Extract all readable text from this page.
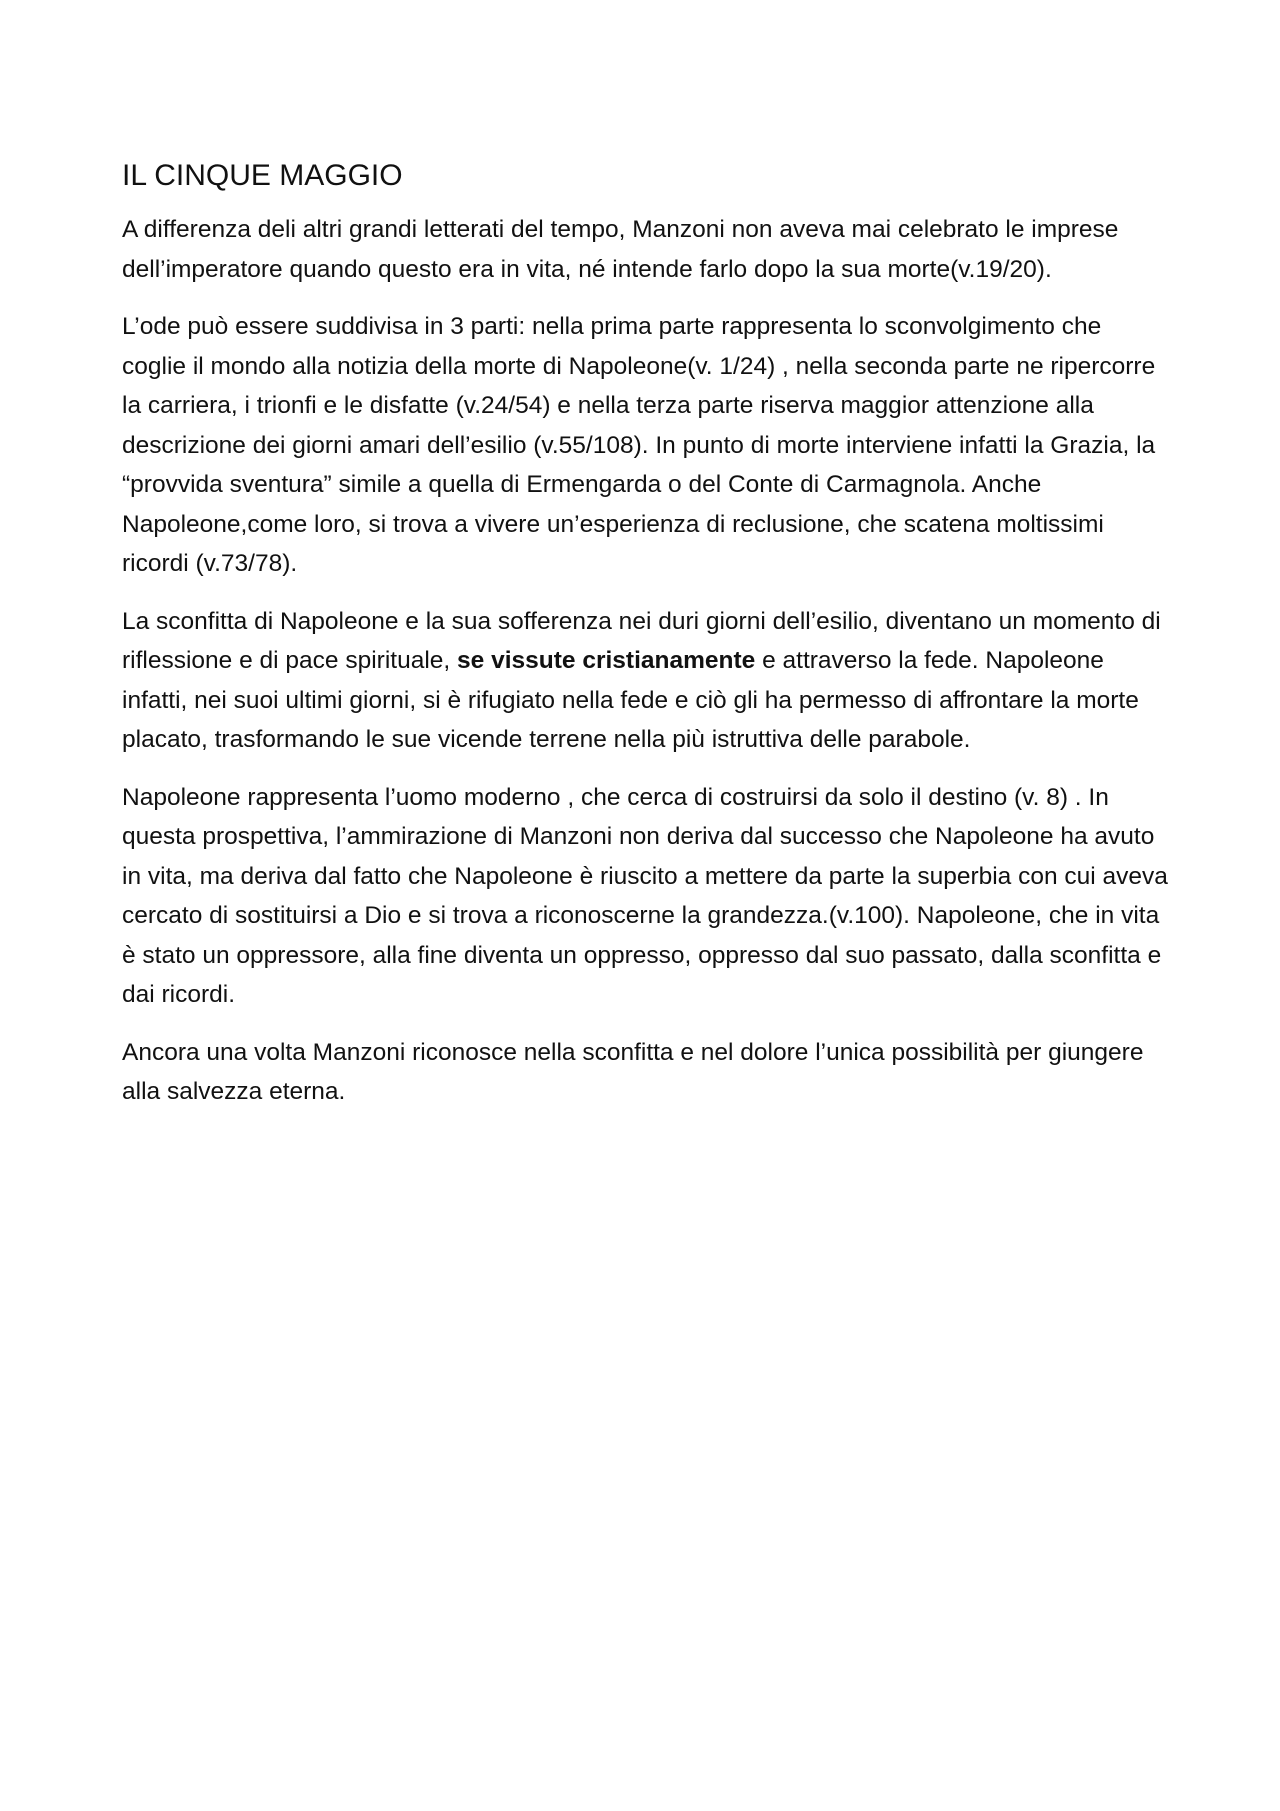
IL CINQUE MAGGIO

A differenza deli altri grandi letterati del tempo, Manzoni non aveva mai celebrato le imprese dell’imperatore quando questo era in vita, né intende farlo dopo la sua morte(v.19/20).

L’ode può essere suddivisa in 3 parti: nella prima parte rappresenta lo sconvolgimento che coglie il mondo alla notizia della morte di Napoleone(v. 1/24) , nella seconda parte ne ripercorre la carriera, i trionfi e le disfatte (v.24/54) e nella terza parte riserva maggior attenzione alla descrizione dei giorni amari dell’esilio (v.55/108). In punto di morte interviene infatti la Grazia, la “provvida sventura” simile a quella di Ermengarda o del Conte di Carmagnola. Anche Napoleone,come loro, si trova a vivere un’esperienza di reclusione, che scatena moltissimi ricordi (v.73/78).

La sconfitta di Napoleone e la sua sofferenza nei duri giorni dell’esilio, diventano un momento di riflessione e di pace spirituale, se vissute cristianamente e attraverso la fede. Napoleone infatti, nei suoi ultimi giorni, si è rifugiato nella fede e ciò gli ha permesso di affrontare la morte placato, trasformando le sue vicende terrene nella più istruttiva delle parabole.

Napoleone rappresenta l’uomo moderno , che cerca di costruirsi da solo il destino (v. 8) . In questa prospettiva, l’ammirazione di Manzoni non deriva dal successo che Napoleone ha avuto in vita, ma deriva dal fatto che Napoleone è riuscito a mettere da parte la superbia con cui aveva cercato di sostituirsi a Dio e si trova a riconoscerne la grandezza.(v.100). Napoleone, che in vita è stato un oppressore, alla fine diventa un oppresso, oppresso dal suo passato, dalla sconfitta e dai ricordi.

Ancora una volta Manzoni riconosce nella sconfitta e nel dolore l’unica possibilità per giungere alla salvezza eterna.
